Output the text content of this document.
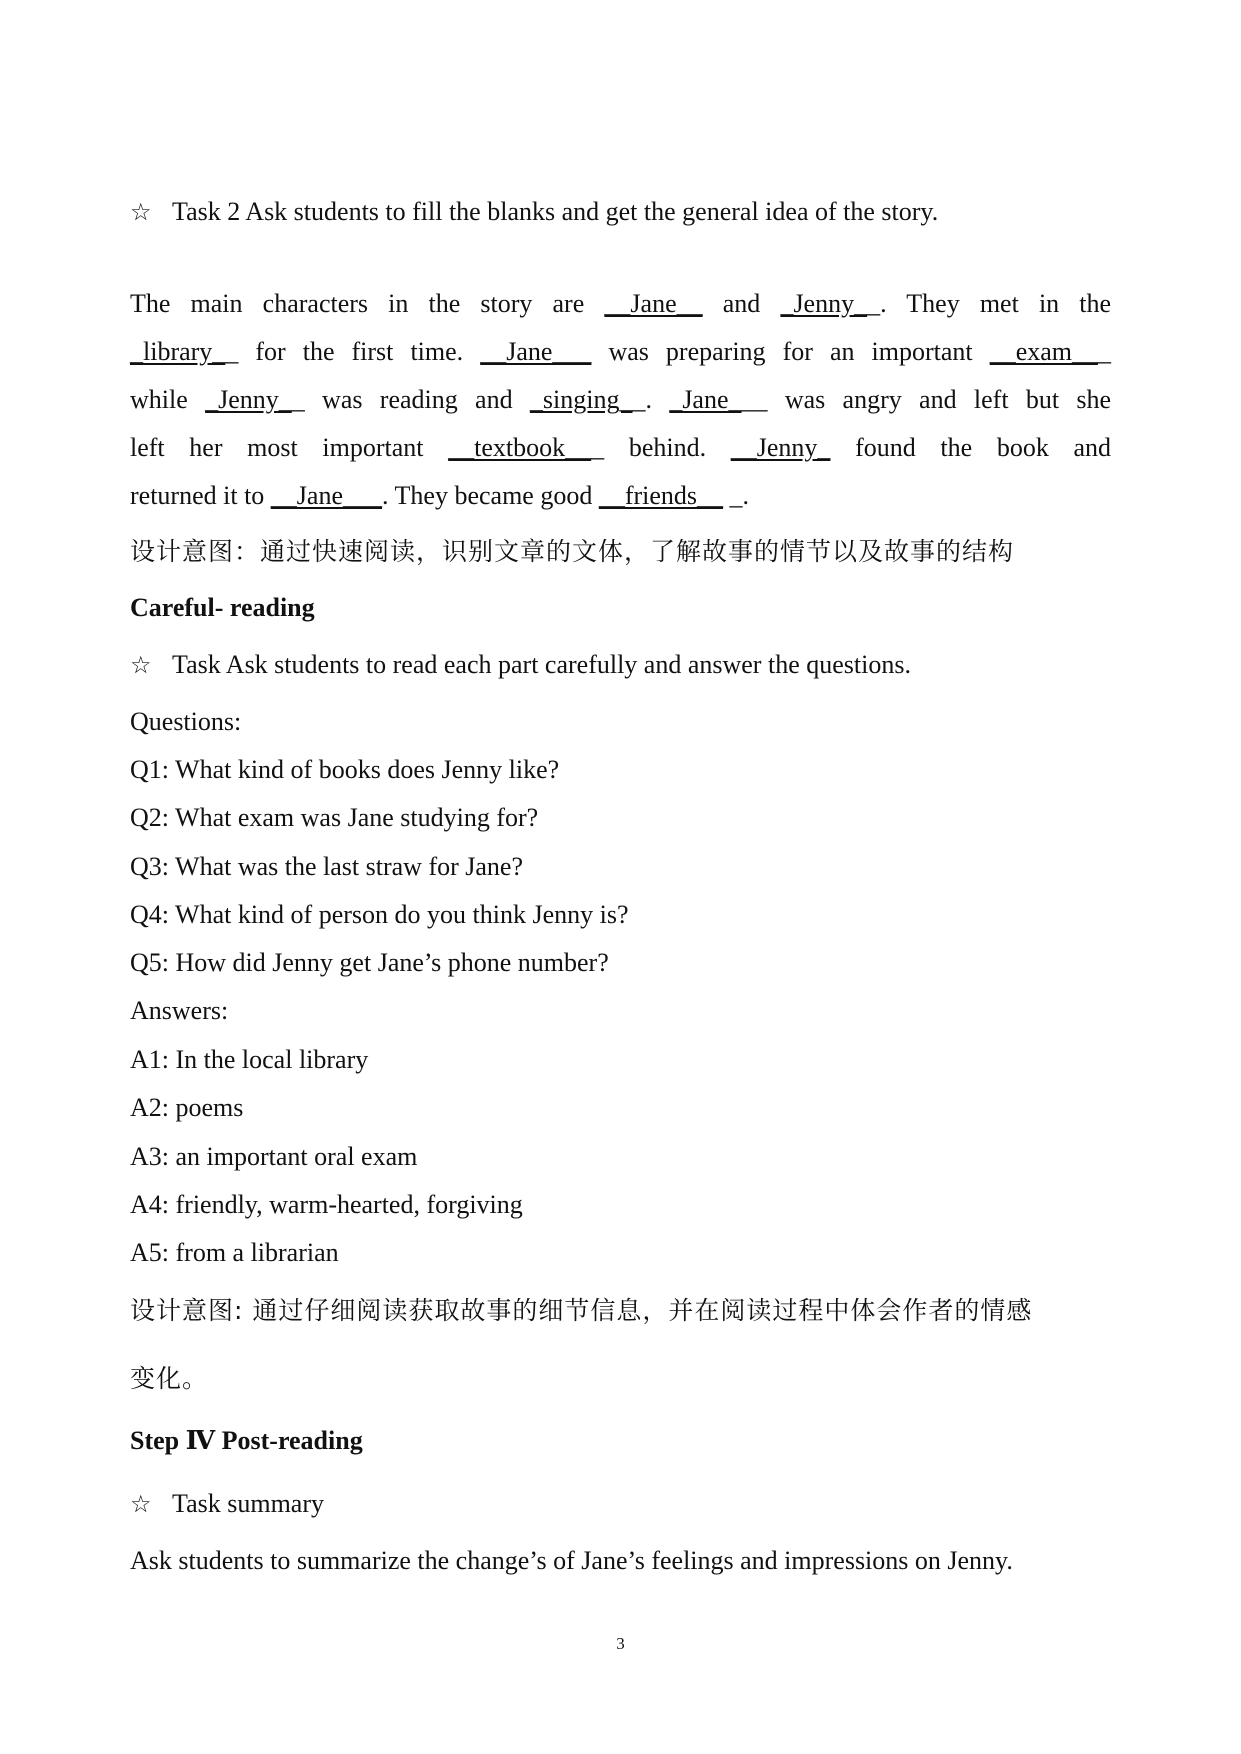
☆ Task 2 Ask students to fill the blanks and get the general idea of the story.
The main characters in the story are __Jane__ and _Jenny__. They met in the
_library__ for the first time. __Jane___ was preparing for an important __exam___
while _Jenny__ was reading and _singing__. _Jane___ was angry and left but she
left her most important __textbook___ behind. __Jenny_ found the book and
returned it to __Jane___. They became good __friends__ _.
设计意图：通过快速阅读，识别文章的文体，了解故事的情节以及故事的结构
Careful- reading
☆ Task Ask students to read each part carefully and answer the questions.
Questions:
Q1: What kind of books does Jenny like?
Q2: What exam was Jane studying for?
Q3: What was the last straw for Jane?
Q4: What kind of person do you think Jenny is?
Q5: How did Jenny get Jane’s phone number?
Answers:
A1: In the local library
A2: poems
A3: an important oral exam
A4: friendly, warm-hearted, forgiving
A5: from a librarian
设计意图: 通过仔细阅读获取故事的细节信息，并在阅读过程中体会作者的情感
变化。
Step Ⅳ Post-reading
☆ Task summary
Ask students to summarize the change’s of Jane’s feelings and impressions on Jenny.
3
